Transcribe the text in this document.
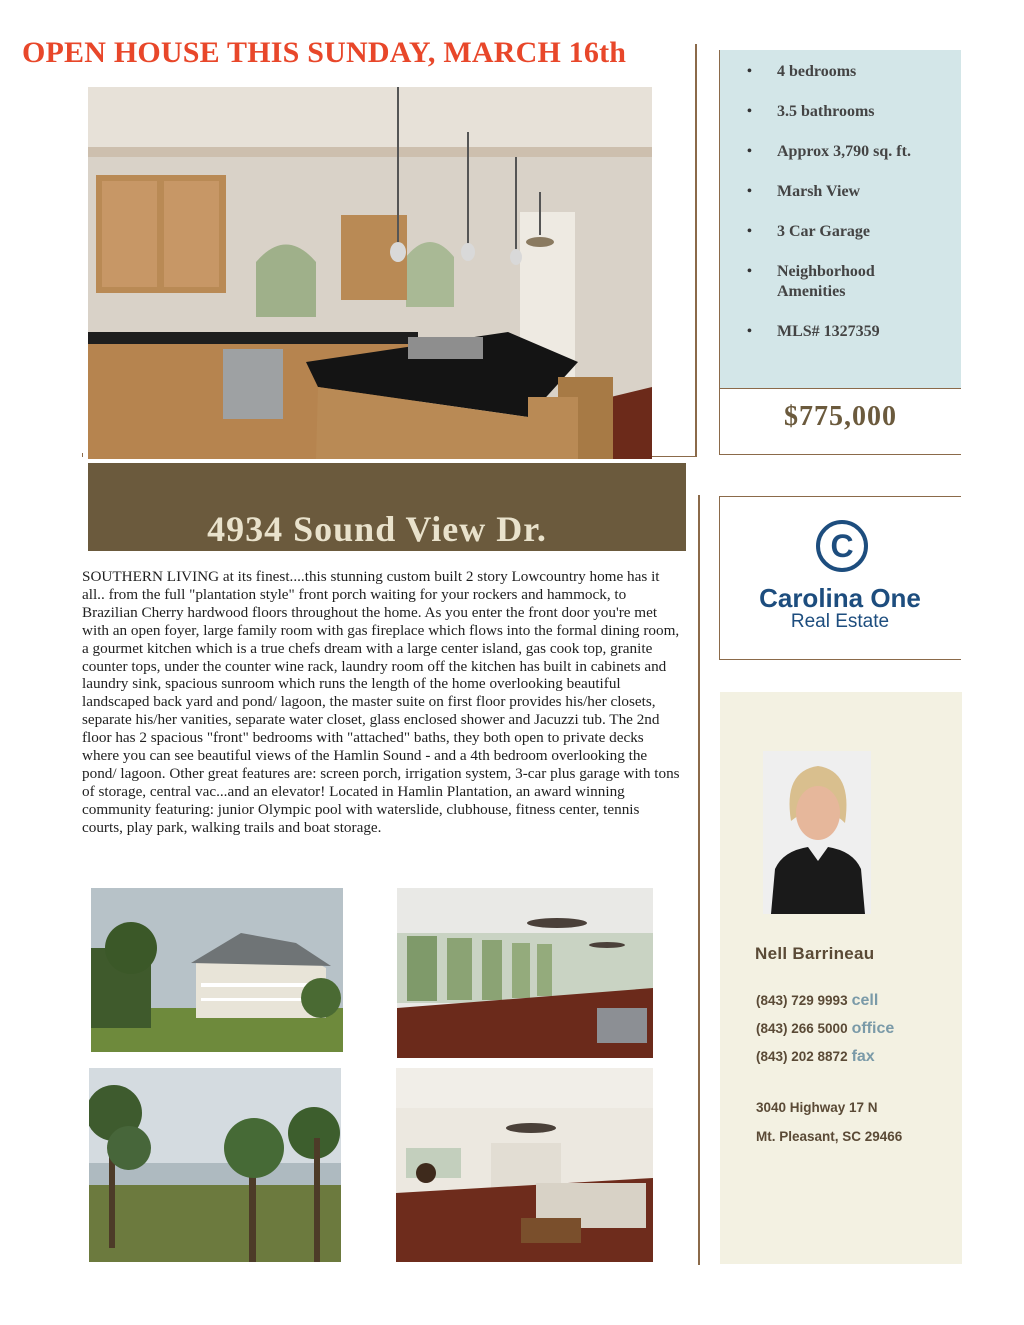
OPEN HOUSE THIS SUNDAY, MARCH 16th
4934 Sound View Dr.
SOUTHERN LIVING at its finest....this stunning custom built 2 story Lowcountry home has it all.. from the full "plantation style" front porch waiting for your rockers and hammock, to Brazilian Cherry hardwood floors throughout the home. As you enter the front door you're met with an open foyer, large family room with gas fireplace which flows into the formal dining room, a gourmet kitchen which is a true chefs dream with a large center island, gas cook top, granite counter tops, under the counter wine rack, laundry room off the kitchen has built in cabinets and laundry sink, spacious sunroom which runs the length of the home overlooking beautiful landscaped back yard and pond/ lagoon, the master suite on first floor provides his/her closets, separate his/her vanities, separate water closet, glass enclosed shower and Jacuzzi tub. The 2nd floor has 2 spacious "front" bedrooms with "attached" baths, they both open to private decks where you can see beautiful views of the Hamlin Sound - and a 4th bedroom overlooking the pond/ lagoon. Other great features are: screen porch, irrigation system, 3-car plus garage with tons of storage, central vac...and an elevator! Located in Hamlin Plantation, an award winning community featuring: junior Olympic pool with waterslide, clubhouse, fitness center, tennis courts, play park, walking trails and boat storage.
• 4 bedrooms
• 3.5 bathrooms
• Approx 3,790 sq. ft.
• Marsh View
• 3 Car Garage
• Neighborhood Amenities
• MLS# 1327359
$775,000
C
Carolina One
Real Estate
Nell Barrineau
(843) 729 9993 cell
(843) 266 5000 office
(843) 202 8872 fax
3040 Highway 17 N
Mt. Pleasant, SC 29466
